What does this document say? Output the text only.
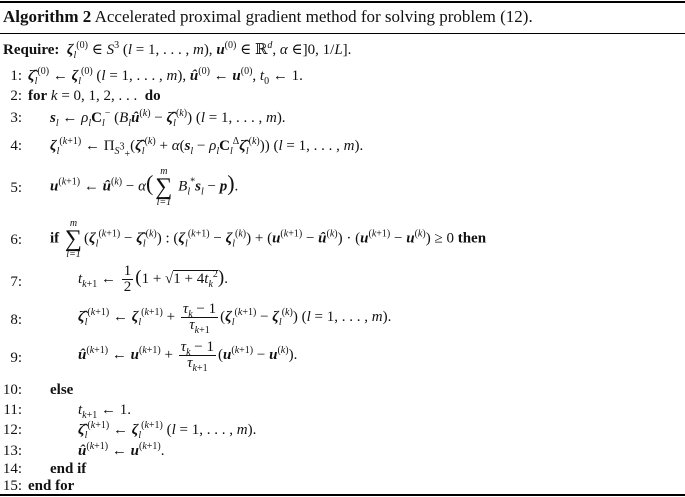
Algorithm 2 Accelerated proximal gradient method for solving problem (12).
Require: $\zeta_l^{(0)}$ ∈ $S^3$ (l = 1, . . . , m), $u^{(0)}$ ∈ ℝ$^d$, α ∈]0, 1/L].
1: $\zetâ_l^{(0)}$ ← $\zeta_l^{(0)}$ (l = 1, . . . , m), $û^{(0)}$ ← $u^{(0)}$, $t_0$ ← 1.
2: for k = 0, 1, 2, . . .  do
3: $s_l$ ← $\rho_lC_l^-$ ($B_lû^{(k)}$ − $\zetâ_l^{(k)}$) (l = 1, . . . , m).
4: $\zeta_l^{(k+1)}$ ← $\Pi_{S^3_+}(\zetâ_l^{(k)} + \alpha(s_l$ − $\rho_lC_l^\Delta\zetâ_l^{(k)}$)) (l = 1, . . . , m).
5: $u^{(k+1)}$ ← $û^{(k)} - \alpha$( m
∑
l=1
$B_l^*s_l - p$).
6: if
m
∑
l=1
($\zeta_l^{(k+1)}$ − $\zetâ_l^{(k)}$) : $(\zeta_l^{(k+1)} - \zeta_l^{(k)}) + (u^{(k+1)}$ − $û^{(k)}) \cdot (u^{(k+1)} - u^{(k)}) \ge 0$ then
7:	$t_{k+1}$ ← $\frac{1}{2} (1 + √1 + 4t_k^2)$.
8:	$\zetâ_l^{(k+1)}$ ← $\zeta_l^{(k+1)} + \frac{\tau_k - 1}{\tau_{k+1}} (\zeta_l^{(k+1)} - \zeta_l^{(k)}) (l = 1$, . . . , m).
9:	$û^{(k+1)}$ ← $u^{(k+1)} + \frac{\tau_k - 1}{\tau_{k+1}} (u^{(k+1)} - u^{(k)})$.
10: else
11:	$t_{k+1}$ ← 1.
12:	$\zetâ_l^{(k+1)}$ ← $\zeta_l^{(k+1)}$ (l = 1, . . . , m).
13:	$û^{(k+1)}$ ← $u^{(k+1)}$.
14: end if
15: end for
